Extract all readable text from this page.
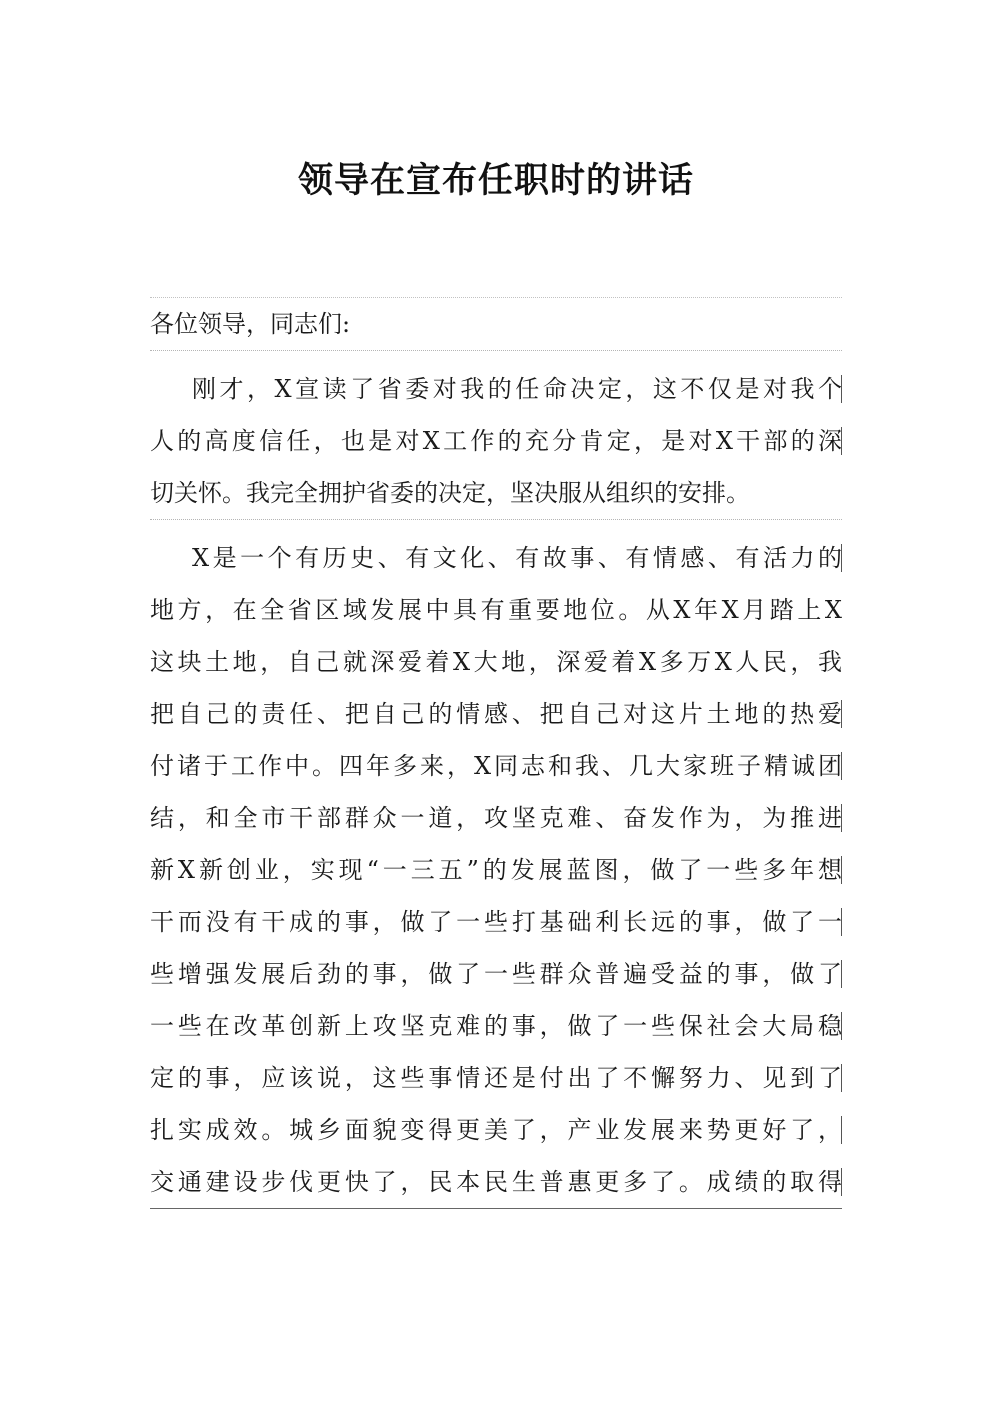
领导在宣布任职时的讲话
各位领导，同志们:
刚才，X宣读了省委对我的任命决定，这不仅是对我个
人的高度信任，也是对X工作的充分肯定，是对X干部的深
切关怀。我完全拥护省委的决定，坚决服从组织的安排。
X是一个有历史、有文化、有故事、有情感、有活力的
地方，在全省区域发展中具有重要地位。从X年X月踏上X
这块土地，自己就深爱着X大地，深爱着X多万X人民，我
把自己的责任、把自己的情感、把自己对这片土地的热爱
付诸于工作中。四年多来，X同志和我、几大家班子精诚团
结，和全市干部群众一道，攻坚克难、奋发作为，为推进
新X新创业，实现“一三五”的发展蓝图，做了一些多年想
干而没有干成的事，做了一些打基础利长远的事，做了一
些增强发展后劲的事，做了一些群众普遍受益的事，做了
一些在改革创新上攻坚克难的事，做了一些保社会大局稳
定的事，应该说，这些事情还是付出了不懈努力、见到了
扎实成效。城乡面貌变得更美了，产业发展来势更好了，
交通建设步伐更快了，民本民生普惠更多了。成绩的取得
